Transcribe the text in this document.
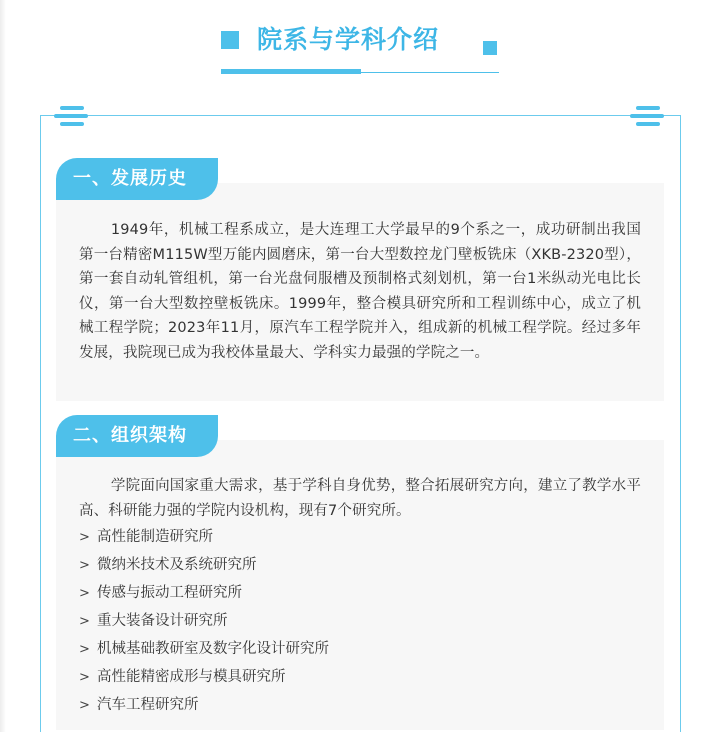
院系与学科介绍
一、发展历史

1949年，机械工程系成立，是大连理工大学最早的9个系之一，成功研制出我国第一台精密M115W型万能内圆磨床，第一台大型数控龙门壁板铣床（XKB-2320型），第一套自动轧管组机，第一台光盘伺服槽及预制格式刻划机，第一台1米纵动光电比长仪，第一台大型数控壁板铣床。1999年，整合模具研究所和工程训练中心，成立了机械工程学院；2023年11月，原汽车工程学院并入，组成新的机械工程学院。经过多年发展，我院现已成为我校体量最大、学科实力最强的学院之一。

二、组织架构

学院面向国家重大需求，基于学科自身优势，整合拓展研究方向，建立了教学水平高、科研能力强的学院内设机构，现有7个研究所。

> 高性能制造研究所
> 微纳米技术及系统研究所
> 传感与振动工程研究所
> 重大装备设计研究所
> 机械基础教研室及数字化设计研究所
> 高性能精密成形与模具研究所
> 汽车工程研究所
